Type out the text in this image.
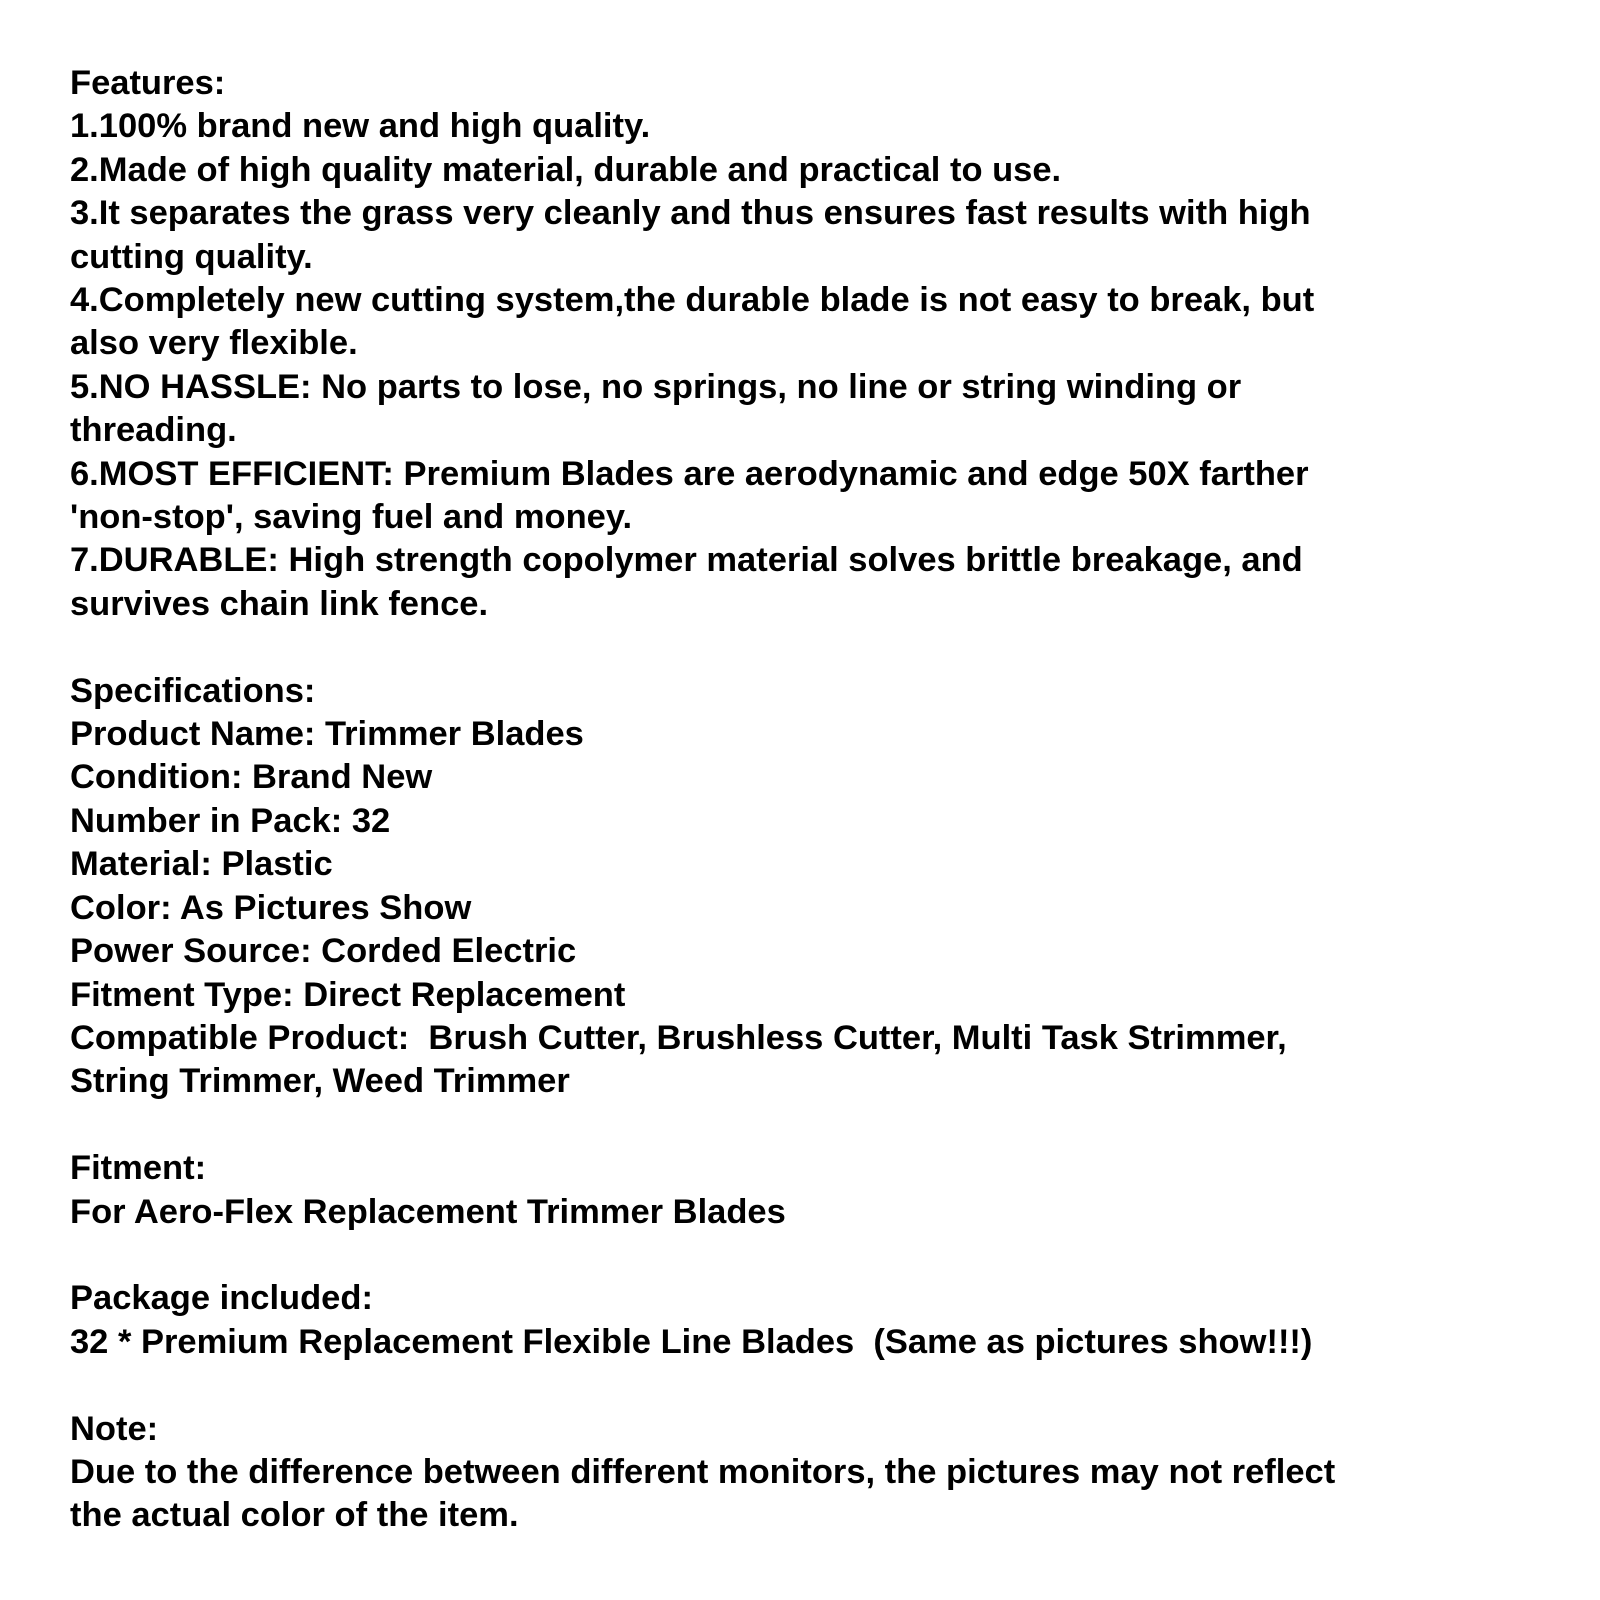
Features:
1.100% brand new and high quality.
2.Made of high quality material, durable and practical to use.
3.It separates the grass very cleanly and thus ensures fast results with high
cutting quality.
4.Completely new cutting system,the durable blade is not easy to break, but
also very flexible.
5.NO HASSLE: No parts to lose, no springs, no line or string winding or
threading.
6.MOST EFFICIENT: Premium Blades are aerodynamic and edge 50X farther
'non-stop', saving fuel and money.
7.DURABLE: High strength copolymer material solves brittle breakage, and
survives chain link fence.
Specifications:
Product Name: Trimmer Blades
Condition: Brand New
Number in Pack: 32
Material: Plastic
Color: As Pictures Show
Power Source: Corded Electric
Fitment Type: Direct Replacement
Compatible Product:  Brush Cutter, Brushless Cutter, Multi Task Strimmer,
String Trimmer, Weed Trimmer
Fitment:
For Aero-Flex Replacement Trimmer Blades
Package included:
32 * Premium Replacement Flexible Line Blades  (Same as pictures show!!!)
Note:
Due to the difference between different monitors, the pictures may not reflect
the actual color of the item.
